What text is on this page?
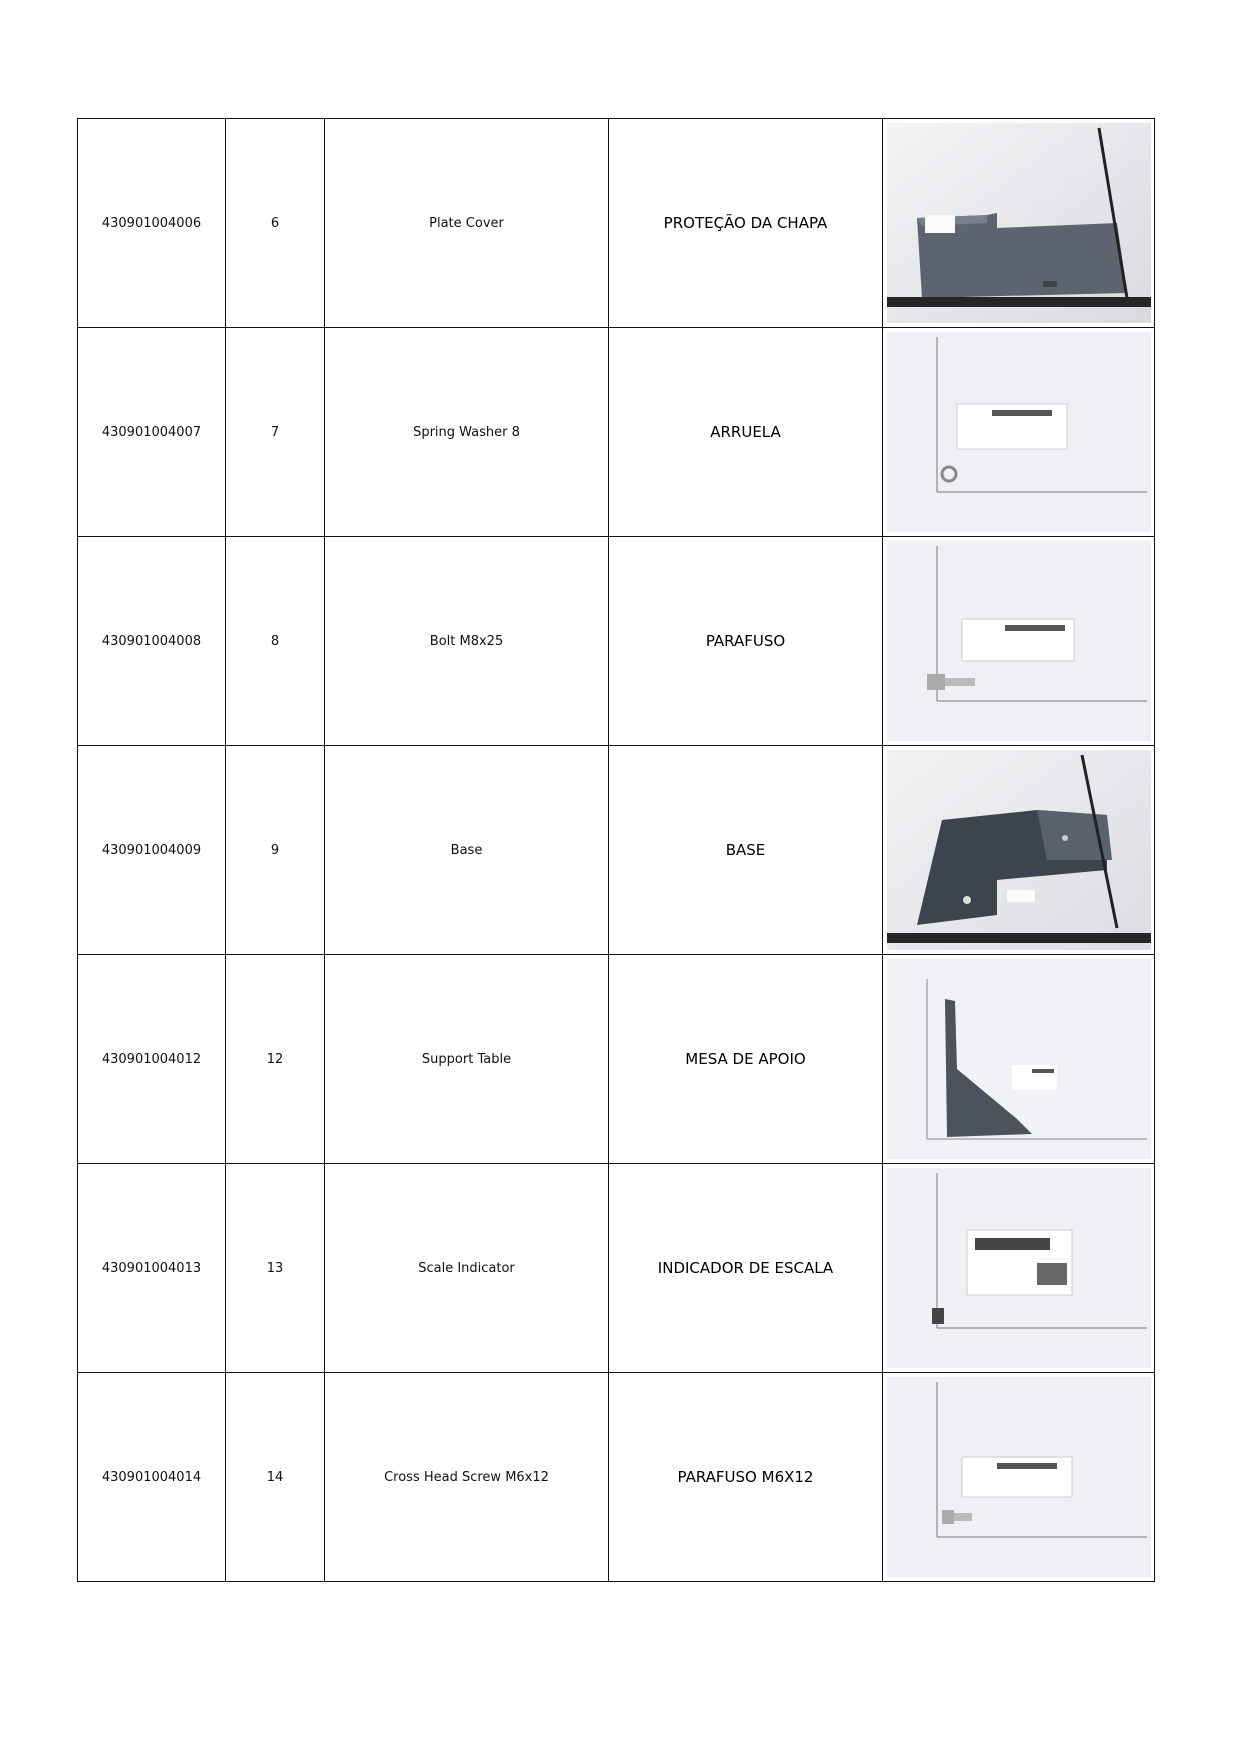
430901004006	6	Plate Cover	PROTEÇÃO DA CHAPA	

430901004007	7	Spring Washer 8	ARRUELA	

430901004008	8	Bolt M8x25	PARAFUSO	

430901004009	9	Base	BASE	

430901004012	12	Support Table	MESA DE APOIO	

430901004013	13	Scale Indicator	INDICADOR DE ESCALA	

430901004014	14	Cross Head Screw M6x12	PARAFUSO M6X12	
